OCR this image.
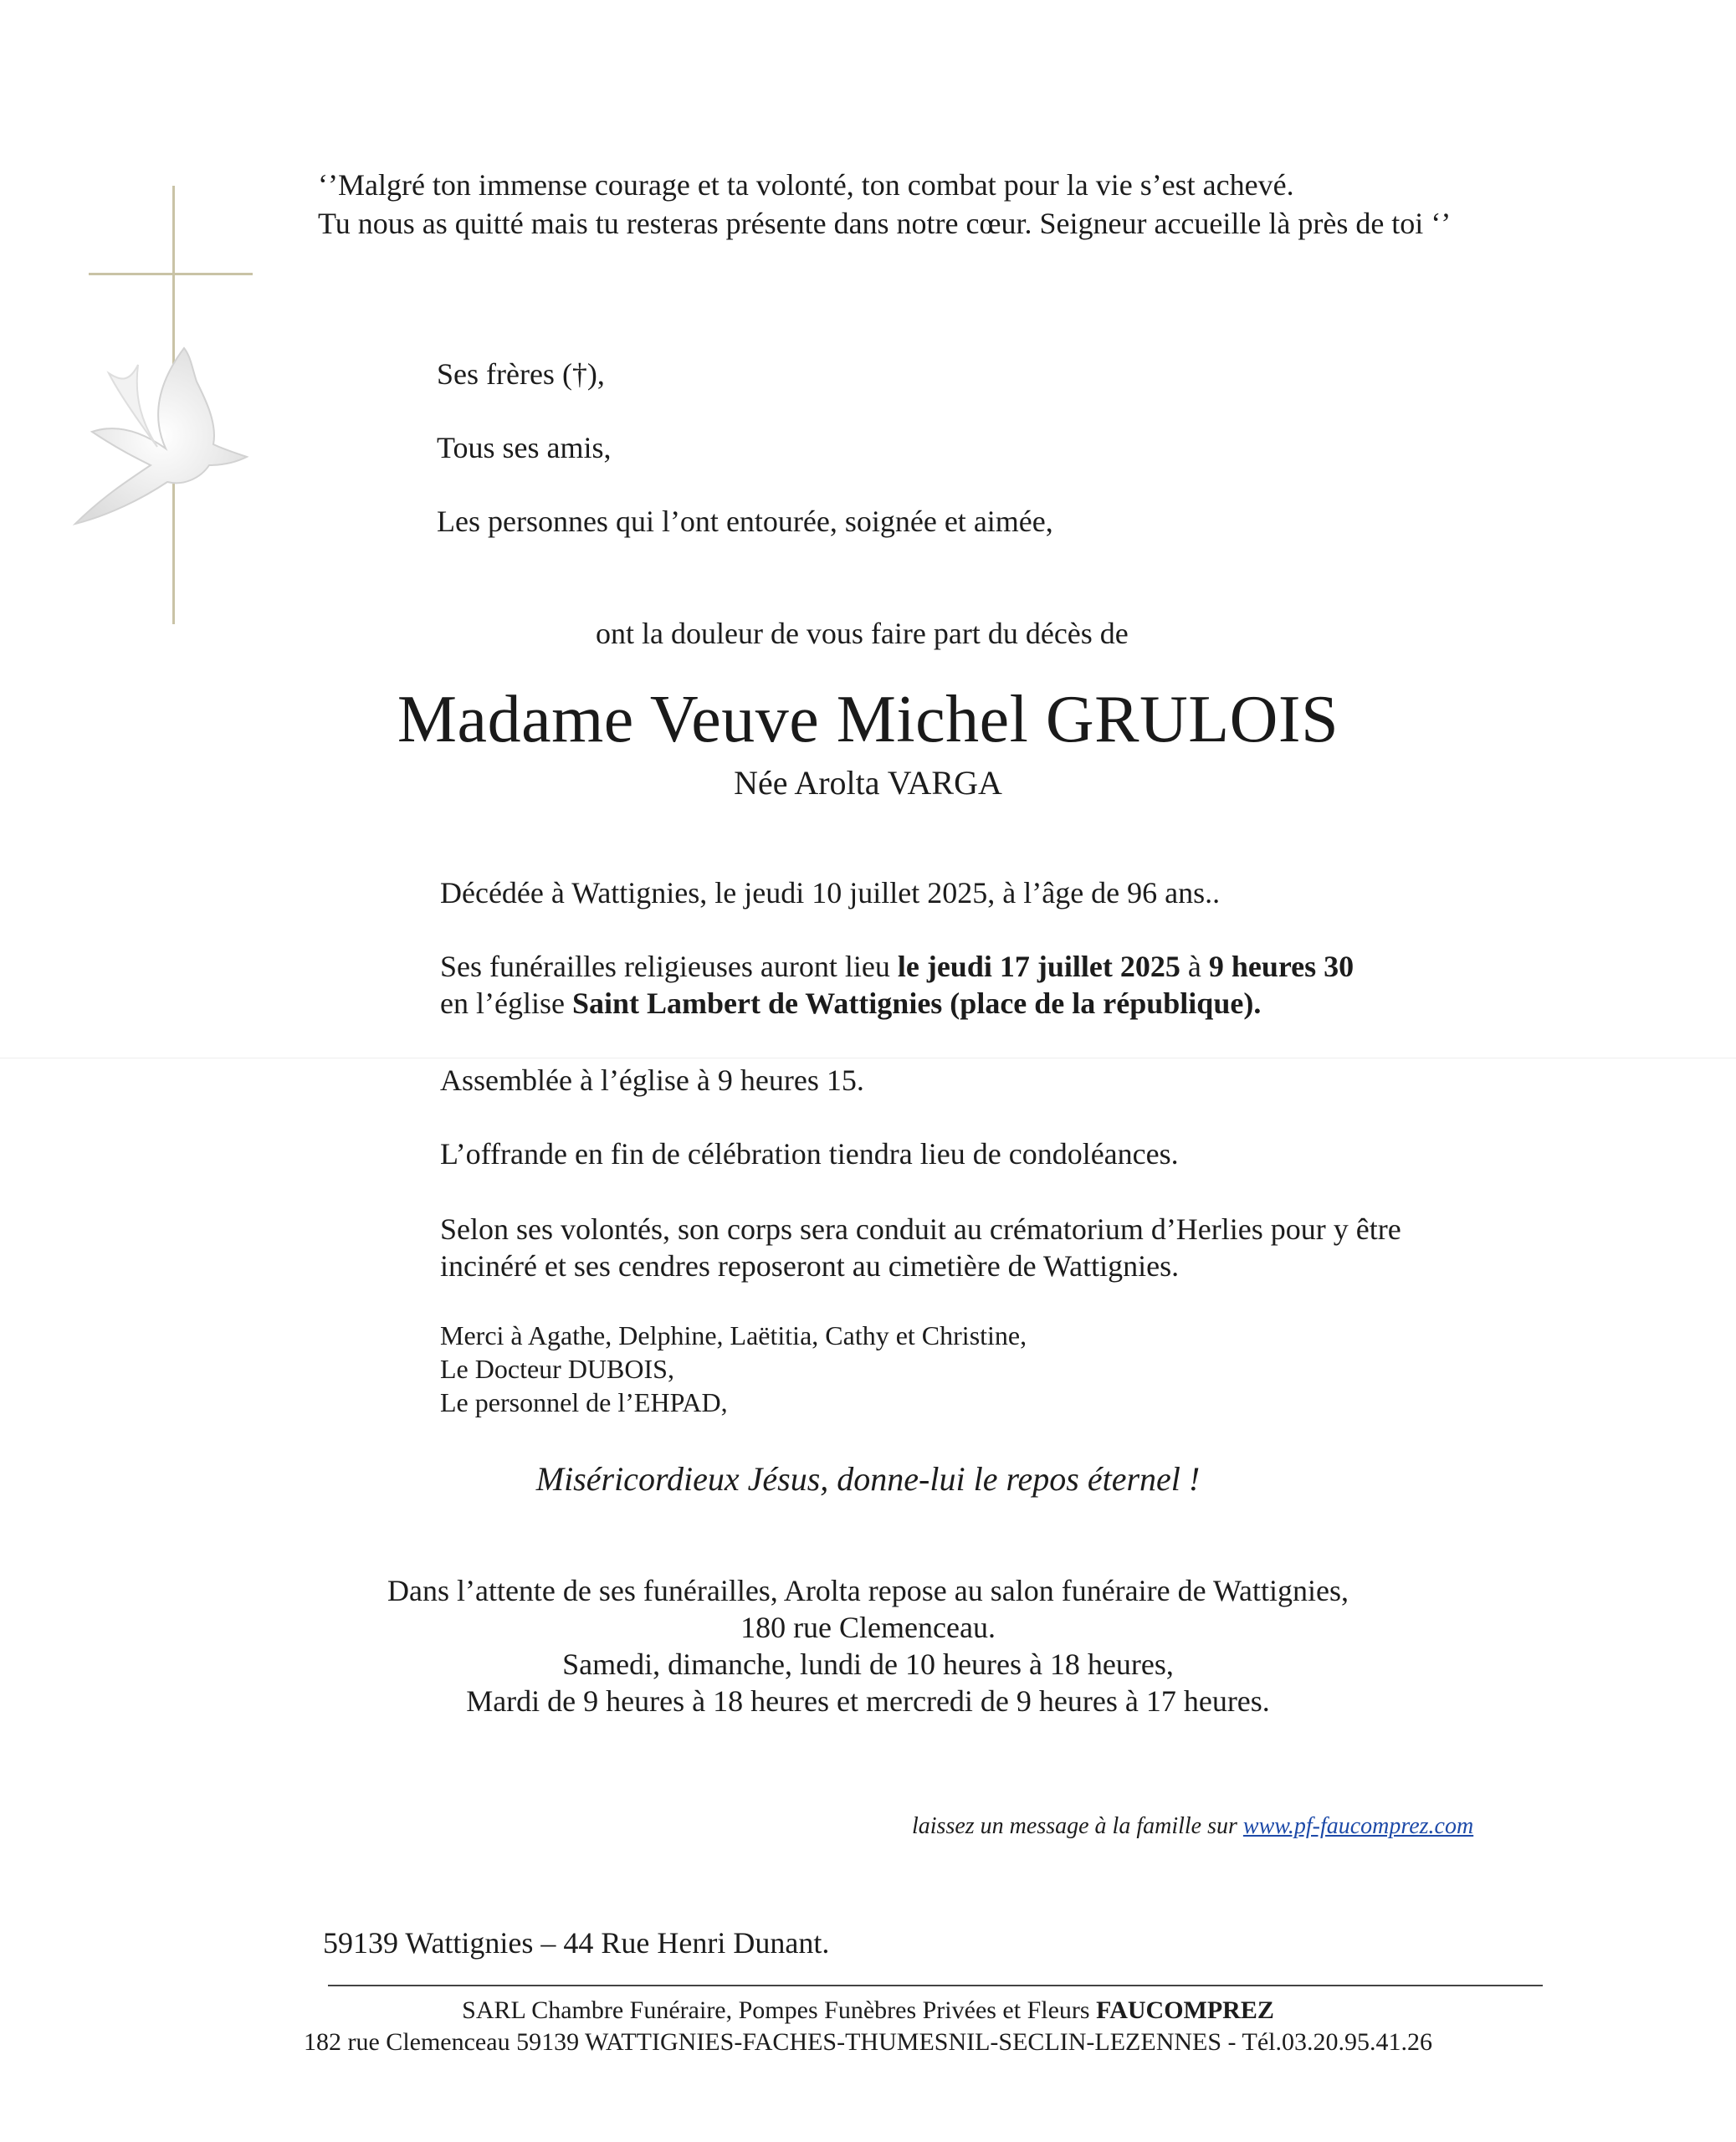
‘’Malgré ton immense courage et ta volonté, ton combat pour la vie s’est achevé.
Tu nous as quitté mais tu resteras présente dans notre cœur. Seigneur accueille là près de toi ‘’
Ses frères (†),
Tous ses amis,
Les personnes qui l’ont entourée, soignée et aimée,
ont la douleur de vous faire part du décès de
Madame Veuve Michel GRULOIS
Née Arolta VARGA
Décédée à Wattignies, le jeudi 10 juillet 2025, à l’âge de 96 ans..
Ses funérailles religieuses auront lieu le jeudi 17 juillet 2025 à 9 heures 30
en l’église Saint Lambert de Wattignies (place de la république).
Assemblée à l’église à 9 heures 15.
L’offrande en fin de célébration tiendra lieu de condoléances.
Selon ses volontés, son corps sera conduit au crématorium d’Herlies pour y être
incinéré et ses cendres reposeront au cimetière de Wattignies.
Merci à Agathe, Delphine, Laëtitia, Cathy et Christine,
Le Docteur DUBOIS,
Le personnel de l’EHPAD,
Miséricordieux Jésus, donne-lui le repos éternel !
Dans l’attente de ses funérailles, Arolta repose au salon funéraire de Wattignies,
180 rue Clemenceau.
Samedi, dimanche, lundi de 10 heures à 18 heures,
Mardi de 9 heures à 18 heures et mercredi de 9 heures à 17 heures.
laissez un message à la famille sur www.pf-faucomprez.com
59139 Wattignies – 44 Rue Henri Dunant.
SARL Chambre Funéraire, Pompes Funèbres Privées et Fleurs FAUCOMPREZ
182 rue Clemenceau 59139 WATTIGNIES-FACHES-THUMESNIL-SECLIN-LEZENNES - Tél.03.20.95.41.26
